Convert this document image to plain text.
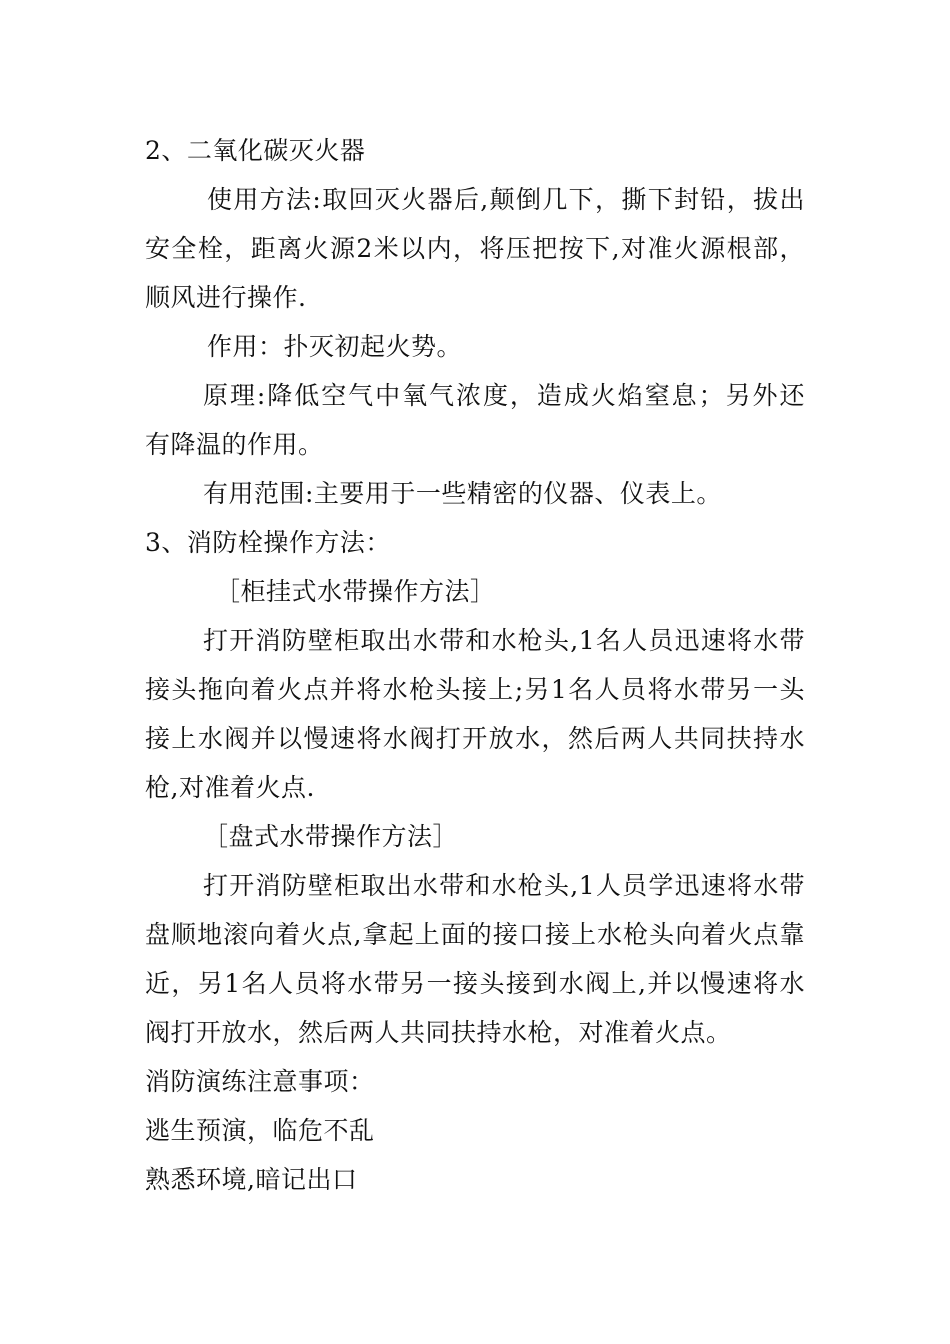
2、二氧化碳灭火器
使用方法:取回灭火器后,颠倒几下，撕下封铅，拔出
安全栓，距离火源2米以内，将压把按下,对准火源根部，
顺风进行操作.
作用：扑灭初起火势。
原理:降低空气中氧气浓度，造成火焰窒息；另外还
有降温的作用。
有用范围:主要用于一些精密的仪器、仪表上。
3、消防栓操作方法：
［柜挂式水带操作方法］
打开消防壁柜取出水带和水枪头,1名人员迅速将水带
接头拖向着火点并将水枪头接上;另1名人员将水带另一头
接上水阀并以慢速将水阀打开放水，然后两人共同扶持水
枪,对准着火点.
［盘式水带操作方法］
打开消防壁柜取出水带和水枪头,1人员学迅速将水带
盘顺地滚向着火点,拿起上面的接口接上水枪头向着火点靠
近，另1名人员将水带另一接头接到水阀上,并以慢速将水
阀打开放水，然后两人共同扶持水枪，对准着火点。
消防演练注意事项：
逃生预演，临危不乱
熟悉环境,暗记出口
